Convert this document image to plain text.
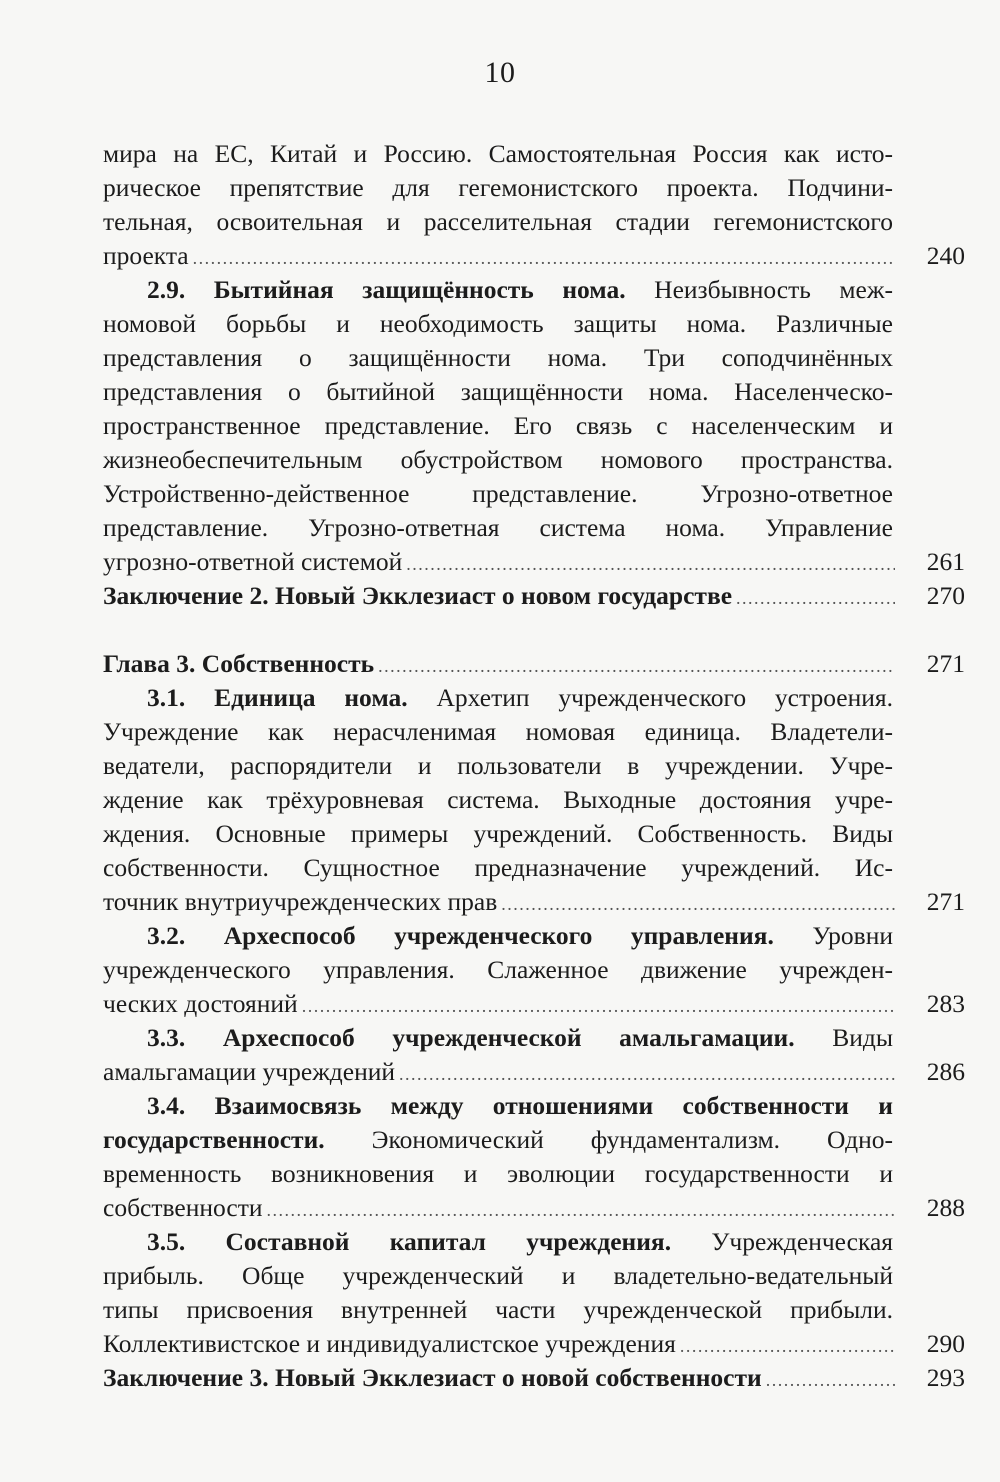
10
мира на ЕС, Китай и Россию. Самостоятельная Россия как исто-
рическое препятствие для гегемонистского проекта. Подчини-
тельная, освоительная и расселительная стадии гегемонистского
проекта . . .	240
2.9. Бытийная защищённость нома. Неизбывность меж-
номовой борьбы и необходимость защиты нома. Различные
представления о защищённости нома. Три соподчинённых
представления о бытийной защищённости нома. Населенческо-
пространственное представление. Его связь с населенческим и
жизнеобеспечительным обустройством номового пространства.
Устройственно-действенное представление. Угрозно-ответное
представление. Угрозно-ответная система нома. Управление
угрозно-ответной системой . . .	261
Заключение 2. Новый Экклезиаст о новом государстве . . .	270
Глава 3. Собственность . . .	271
3.1. Единица нома. Архетип учрежденческого устроения.
Учреждение как нерасчленимая номовая единица. Владетели-
ведатели, распорядители и пользователи в учреждении. Учре-
ждение как трёхуровневая система. Выходные достояния учре-
ждения. Основные примеры учреждений. Собственность. Виды
собственности. Сущностное предназначение учреждений. Ис-
точник внутриучрежденческих прав . . .	271
3.2. Археспособ учрежденческого управления. Уровни
учрежденческого управления. Слаженное движение учрежден-
ческих достояний . . .	283
3.3. Археспособ учрежденческой амальгамации. Виды
амальгамации учреждений . . .	286
3.4. Взаимосвязь между отношениями собственности и
государственности. Экономический фундаментализм. Одно-
временность возникновения и эволюции государственности и
собственности . . .	288
3.5. Составной капитал учреждения. Учрежденческая
прибыль. Обще учрежденческий и владетельно-ведательный
типы присвоения внутренней части учрежденческой прибыли.
Коллективистское и индивидуалистское учреждения . . .	290
Заключение 3. Новый Экклезиаст о новой собственности . . .	293
